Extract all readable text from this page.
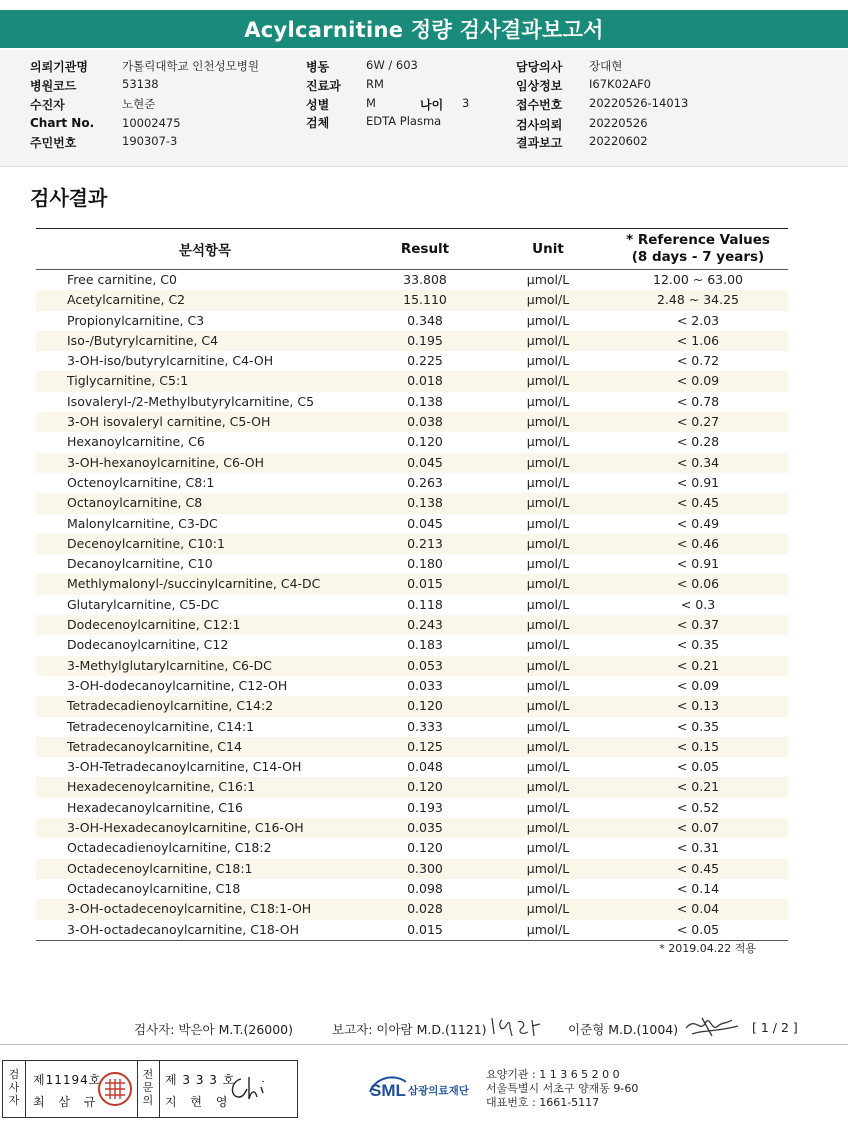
Acylcarnitine 정량 검사결과보고서
의뢰기관명	가톨릭대학교 인천성모병원
병원코드	53138
수진자	노현준
Chart No. 10002475
주민번호	190307-3
병동	6W / 603
진료과 RM
성별	M	나이 3
검체	EDTA Plasma
담당의사 장대현
임상정보 I67K02AF0
접수번호 20220526-14013
검사의뢰 20220526
결과보고 20220602
검사결과
분석항목	Result	Unit
* Reference Values
(8 days - 7 years)
Free carnitine, C0	33.808	µmol/L	12.00 ~ 63.00
Acetylcarnitine, C2	15.110	µmol/L	2.48 ~ 34.25
Propionylcarnitine, C3	0.348	µmol/L	< 2.03
Iso-/Butyrylcarnitine, C4	0.195	µmol/L	< 1.06
3-OH-iso/butyrylcarnitine, C4-OH	0.225	µmol/L	< 0.72
Tiglycarnitine, C5:1	0.018	µmol/L	< 0.09
Isovaleryl-/2-Methylbutyrylcarnitine, C5	0.138	µmol/L	< 0.78
3-OH isovaleryl carnitine, C5-OH	0.038	µmol/L	< 0.27
Hexanoylcarnitine, C6	0.120	µmol/L	< 0.28
3-OH-hexanoylcarnitine, C6-OH	0.045	µmol/L	< 0.34
Octenoylcarnitine, C8:1	0.263	µmol/L	< 0.91
Octanoylcarnitine, C8	0.138	µmol/L	< 0.45
Malonylcarnitine, C3-DC	0.045	µmol/L	< 0.49
Decenoylcarnitine, C10:1	0.213	µmol/L	< 0.46
Decanoylcarnitine, C10	0.180	µmol/L	< 0.91
Methlymalonyl-/succinylcarnitine, C4-DC	0.015	µmol/L	< 0.06
Glutarylcarnitine, C5-DC	0.118	µmol/L	< 0.3
Dodecenoylcarnitine, C12:1	0.243	µmol/L	< 0.37
Dodecanoylcarnitine, C12	0.183	µmol/L	< 0.35
3-Methylglutarylcarnitine, C6-DC	0.053	µmol/L	< 0.21
3-OH-dodecanoylcarnitine, C12-OH	0.033	µmol/L	< 0.09
Tetradecadienoylcarnitine, C14:2	0.120	µmol/L	< 0.13
Tetradecenoylcarnitine, C14:1	0.333	µmol/L	< 0.35
Tetradecanoylcarnitine, C14	0.125	µmol/L	< 0.15
3-OH-Tetradecanoylcarnitine, C14-OH	0.048	µmol/L	< 0.05
Hexadecenoylcarnitine, C16:1	0.120	µmol/L	< 0.21
Hexadecanoylcarnitine, C16	0.193	µmol/L	< 0.52
3-OH-Hexadecanoylcarnitine, C16-OH	0.035	µmol/L	< 0.07
Octadecadienoylcarnitine, C18:2	0.120	µmol/L	< 0.31
Octadecenoylcarnitine, C18:1	0.300	µmol/L	< 0.45
Octadecanoylcarnitine, C18	0.098	µmol/L	< 0.14
3-OH-octadecenoylcarnitine, C18:1-OH	0.028	µmol/L	< 0.04
3-OH-octadecanoylcarnitine, C18-OH	0.015	µmol/L	< 0.05
* 2019.04.22 적용
검사자: 박은아 M.T.(26000)	보고자: 이아람 M.D.(1121)	이준형 M.D.(1004)	[ 1 / 2 ]
검
사
자
제11194호
최 삼 규
전
문
의
제 3 3 3 호
지 현 영
SML 삼광의료재단
요양기관 : 1 1 3 6 5 2 0 0
서울특별시 서초구 양재동 9-60
대표번호 : 1661-5117
